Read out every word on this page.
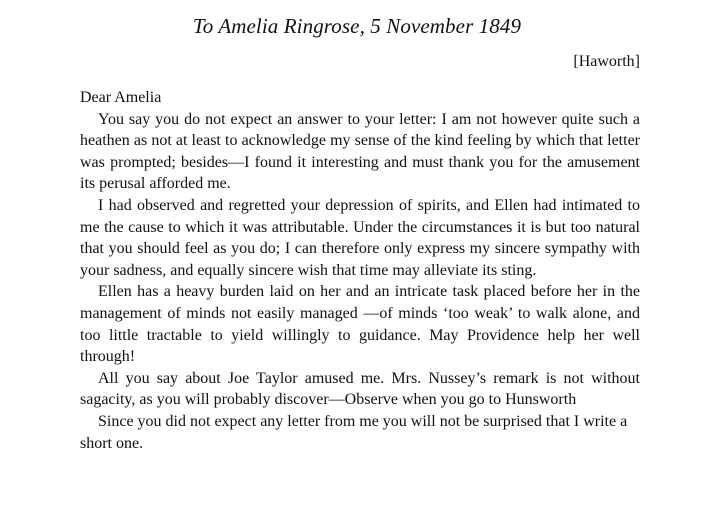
To Amelia Ringrose, 5 November 1849
[Haworth]

Dear Amelia

You say you do not expect an answer to your letter: I am not however quite such a heathen as not at least to acknowledge my sense of the kind feeling by which that letter was prompted; besides—I found it interesting and must thank you for the amusement its perusal afforded me.

I had observed and regretted your depression of spirits, and Ellen had intimated to me the cause to which it was attributable. Under the circumstances it is but too natural that you should feel as you do; I can therefore only express my sincere sympathy with your sadness, and equally sincere wish that time may alleviate its sting.

Ellen has a heavy burden laid on her and an intricate task placed before her in the management of minds not easily managed —of minds ‘too weak’ to walk alone, and too little tractable to yield willingly to guidance. May Providence help her well through!

All you say about Joe Taylor amused me. Mrs. Nussey’s remark is not without sagacity, as you will probably discover—Observe when you go to Hunsworth

Since you did not expect any letter from me you will not be surprised that I write a short one.
